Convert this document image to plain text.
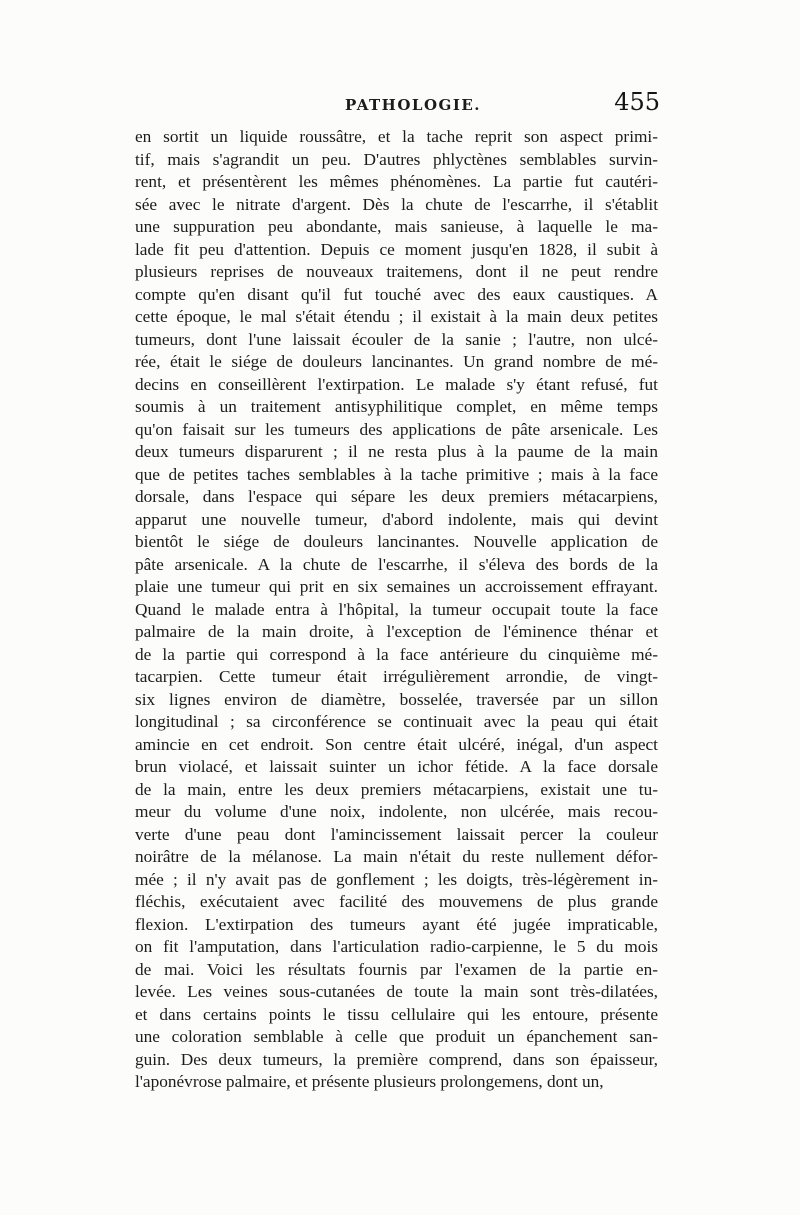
PATHOLOGIE.	455
en sortit un liquide roussâtre, et la tache reprit son aspect primi-
tif, mais s'agrandit un peu. D'autres phlyctènes semblables survin-
rent, et présentèrent les mêmes phénomènes. La partie fut cautéri-
sée avec le nitrate d'argent. Dès la chute de l'escarrhe, il s'établit
une suppuration peu abondante, mais sanieuse, à laquelle le ma-
lade fit peu d'attention. Depuis ce moment jusqu'en 1828, il subit à
plusieurs reprises de nouveaux traitemens, dont il ne peut rendre
compte qu'en disant qu'il fut touché avec des eaux caustiques. A
cette époque, le mal s'était étendu ; il existait à la main deux petites
tumeurs, dont l'une laissait écouler de la sanie ; l'autre, non ulcé-
rée, était le siége de douleurs lancinantes. Un grand nombre de mé-
decins en conseillèrent l'extirpation. Le malade s'y étant refusé, fut
soumis à un traitement antisyphilitique complet, en même temps
qu'on faisait sur les tumeurs des applications de pâte arsenicale. Les
deux tumeurs disparurent ; il ne resta plus à la paume de la main
que de petites taches semblables à la tache primitive ; mais à la face
dorsale, dans l'espace qui sépare les deux premiers métacarpiens,
apparut une nouvelle tumeur, d'abord indolente, mais qui devint
bientôt le siége de douleurs lancinantes. Nouvelle application de
pâte arsenicale. A la chute de l'escarrhe, il s'éleva des bords de la
plaie une tumeur qui prit en six semaines un accroissement effrayant.
Quand le malade entra à l'hôpital, la tumeur occupait toute la face
palmaire de la main droite, à l'exception de l'éminence thénar et
de la partie qui correspond à la face antérieure du cinquième mé-
tacarpien. Cette tumeur était irrégulièrement arrondie, de vingt-
six lignes environ de diamètre, bosselée, traversée par un sillon
longitudinal ; sa circonférence se continuait avec la peau qui était
amincie en cet endroit. Son centre était ulcéré, inégal, d'un aspect
brun violacé, et laissait suinter un ichor fétide. A la face dorsale
de la main, entre les deux premiers métacarpiens, existait une tu-
meur du volume d'une noix, indolente, non ulcérée, mais recou-
verte d'une peau dont l'amincissement laissait percer la couleur
noirâtre de la mélanose. La main n'était du reste nullement défor-
mée ; il n'y avait pas de gonflement ; les doigts, très-légèrement in-
fléchis, exécutaient avec facilité des mouvemens de plus grande
flexion. L'extirpation des tumeurs ayant été jugée impraticable,
on fit l'amputation, dans l'articulation radio-carpienne, le 5 du mois
de mai. Voici les résultats fournis par l'examen de la partie en-
levée. Les veines sous-cutanées de toute la main sont très-dilatées,
et dans certains points le tissu cellulaire qui les entoure, présente
une coloration semblable à celle que produit un épanchement san-
guin. Des deux tumeurs, la première comprend, dans son épaisseur,
l'aponévrose palmaire, et présente plusieurs prolongemens, dont un,
